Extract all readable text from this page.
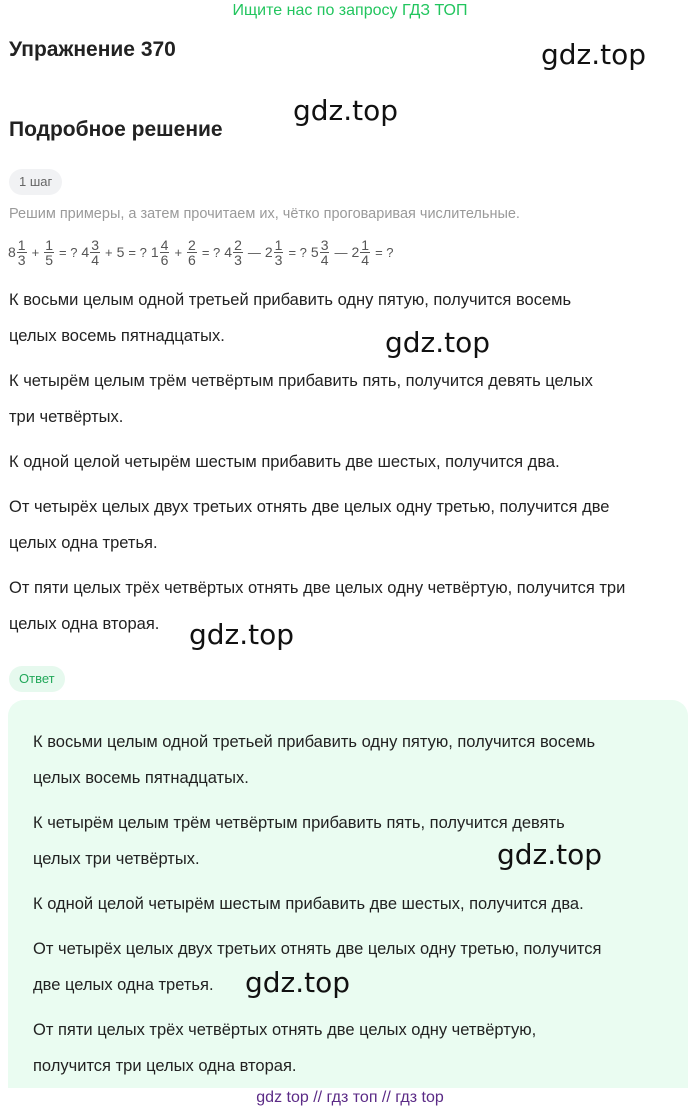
Ищите нас по запросу ГДЗ ТОП
Упражнение 370	gdz.top
gdz.top
Подробное решение
1 шаг
Решим примеры, а затем прочитаем их, чётко проговаривая числительные.
$8 \frac{1}{3} + \frac{1}{5}$ = ? $4 \frac{3}{4} + 5$ = ? $1 \frac{4}{6} + \frac{2}{6}$ = ? $4 \frac{2}{3}$ — $2 \frac{1}{3}$ = ? $5 \frac{3}{4}$ — $2 \frac{1}{4}$ = ?
К восьми целым одной третьей прибавить одну пятую, получится восемь
целых восемь пятнадцатых.	gdz.top
К четырём целым трём четвёртым прибавить пять, получится девять целых
три четвёртых.
К одной целой четырём шестым прибавить две шестых, получится два.
От четырёх целых двух третьих отнять две целых одну третью, получится две
целых одна третья.
От пяти целых трёх четвёртых отнять две целых одну четвёртую, получится три
целых одна вторая.	gdz.top
Ответ
К восьми целым одной третьей прибавить одну пятую, получится восемь
целых восемь пятнадцатых.
К четырём целым трём четвёртым прибавить пять, получится девять
целых три четвёртых.	gdz.top
К одной целой четырём шестым прибавить две шестых, получится два.
От четырёх целых двух третьих отнять две целых одну третью, получится
две целых одна третья.	gdz.top
От пяти целых трёх четвёртых отнять две целых одну четвёртую,
получится три целых одна вторая.
gdz top // гдз топ // гдз top
